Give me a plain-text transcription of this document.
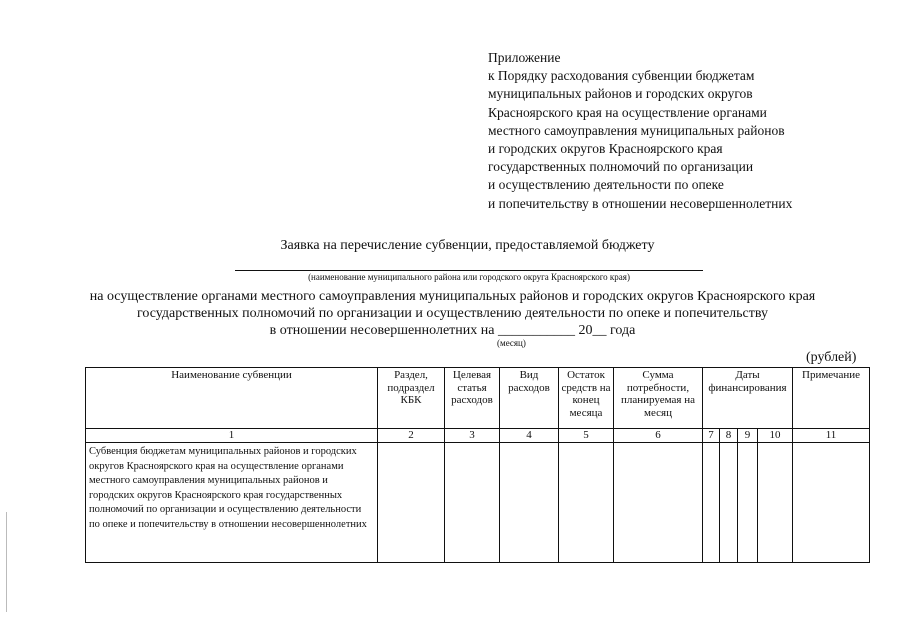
Приложение
к Порядку расходования субвенции бюджетам
муниципальных районов и городских округов
Красноярского края на осуществление органами
местного самоуправления муниципальных районов
и городских округов Красноярского края
государственных полномочий по организации
и осуществлению деятельности по опеке
и попечительству в отношении несовершеннолетних
Заявка на перечисление субвенции, предоставляемой бюджету
(наименование муниципального района или городского округа Красноярского края)
на осуществление органами местного самоуправления муниципальных районов и городских округов Красноярского края
государственных полномочий по организации и осуществлению деятельности по опеке и попечительству
в отношении несовершеннолетних на ___________ 20__ года
(месяц)
(рублей)
Наименование субвенции	Раздел, подраздел КБК	Целевая статья расходов	Вид расходов	Остаток средств на конец месяца	Сумма потребности, планируемая на месяц	Даты финансирования				Примечание
1	2	3	4	5	6	7	8	9	10	11
Субвенция бюджетам муниципальных районов и городских округов Красноярского края на осуществление органами местного самоуправления муниципальных районов и городских округов Красноярского края государственных полномочий по организации и осуществлению деятельности по опеке и попечительству в отношении несовершеннолетних										
